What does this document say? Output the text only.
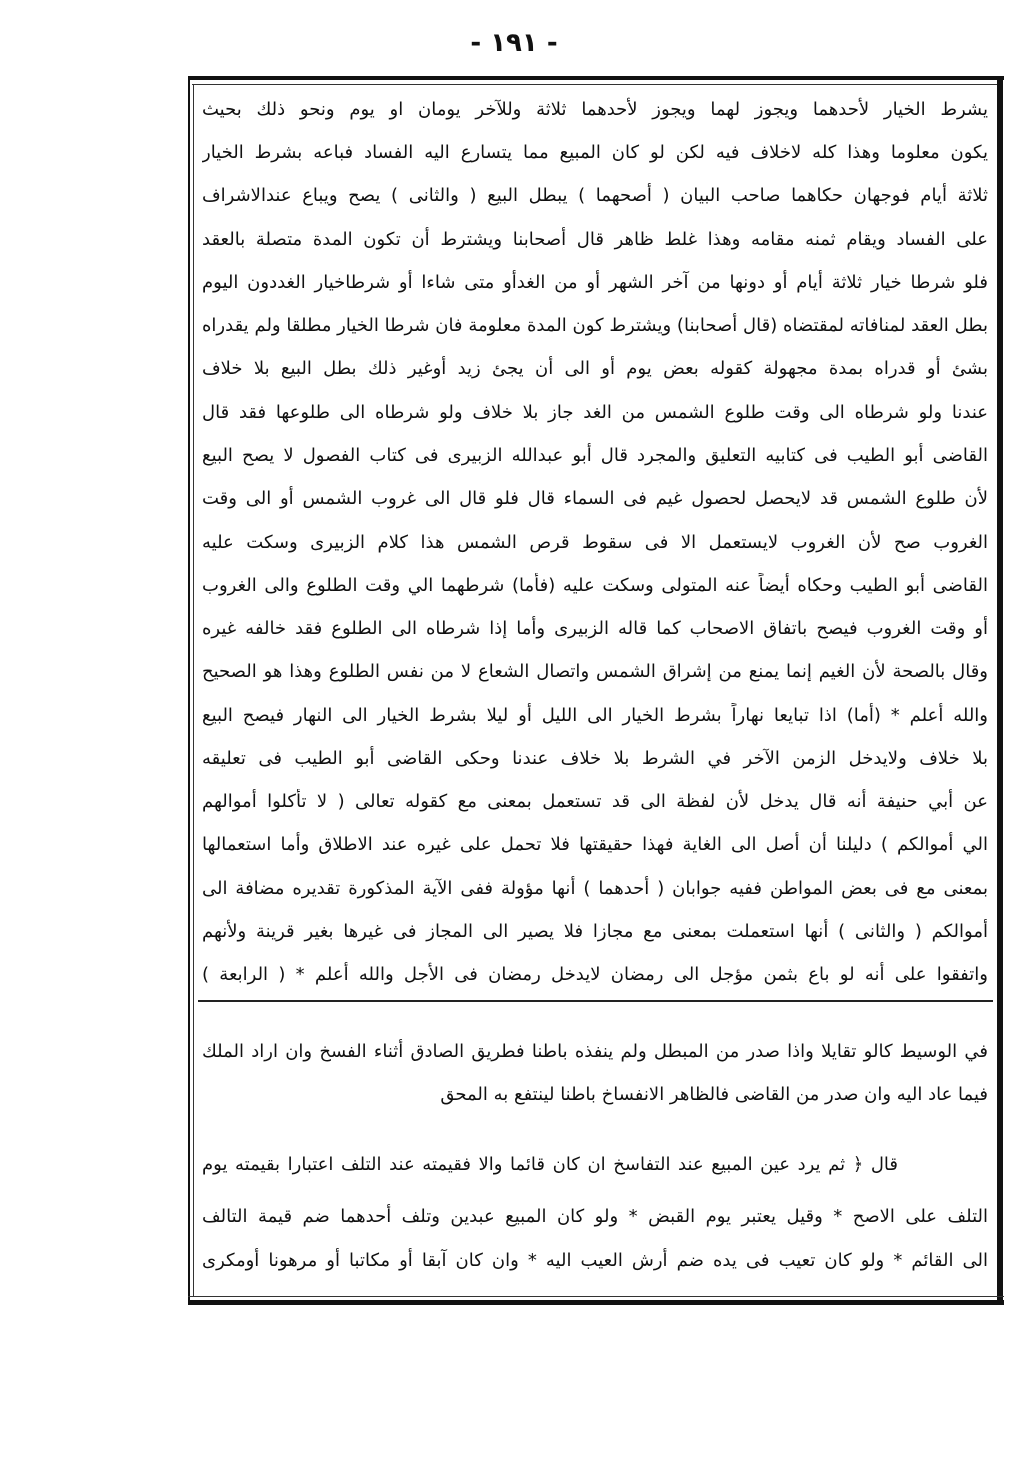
- ١٩١ -
يشرط الخيار لأحدهما ويجوز لهما ويجوز لأحدهما ثلاثة وللآخر يومان او يوم ونحو ذلك بحيث
يكون معلوما وهذا كله لاخلاف فيه لكن لو كان المبيع مما يتسارع اليه الفساد فباعه بشرط الخيار
ثلاثة أيام فوجهان حكاهما صاحب البيان ( أصحهما ) يبطل البيع ( والثانى ) يصح ويباع عندالاشراف
على الفساد ويقام ثمنه مقامه وهذا غلط ظاهر قال أصحابنا ويشترط أن تكون المدة متصلة بالعقد
فلو شرطا خيار ثلاثة أيام أو دونها من آخر الشهر أو من الغدأو متى شاءا أو شرطاخيار الغددون اليوم
بطل العقد لمنافاته لمقتضاه (قال أصحابنا) ويشترط كون المدة معلومة فان شرطا الخيار مطلقا ولم يقدراه
بشئ أو قدراه بمدة مجهولة كقوله بعض يوم أو الى أن يجئ زيد أوغير ذلك بطل البيع بلا خلاف
عندنا ولو شرطاه الى وقت طلوع الشمس من الغد جاز بلا خلاف ولو شرطاه الى طلوعها فقد قال
القاضى أبو الطيب فى كتابيه التعليق والمجرد قال أبو عبدالله الزبيرى فى كتاب الفصول لا يصح البيع
لأن طلوع الشمس قد لايحصل لحصول غيم فى السماء قال فلو قال الى غروب الشمس أو الى وقت
الغروب صح لأن الغروب لايستعمل الا فى سقوط قرص الشمس هذا كلام الزبيرى وسكت عليه
القاضى أبو الطيب وحكاه أيضاً عنه المتولى وسكت عليه (فأما) شرطهما الي وقت الطلوع والى الغروب
أو وقت الغروب فيصح باتفاق الاصحاب كما قاله الزبيرى وأما إذا شرطاه الى الطلوع فقد خالفه غيره
وقال بالصحة لأن الغيم إنما يمنع من إشراق الشمس واتصال الشعاع لا من نفس الطلوع وهذا هو الصحيح
والله أعلم * (أما) اذا تبايعا نهاراً بشرط الخيار الى الليل أو ليلا بشرط الخيار الى النهار فيصح البيع
بلا خلاف ولايدخل الزمن الآخر في الشرط بلا خلاف عندنا وحكى القاضى أبو الطيب فى تعليقه
عن أبي حنيفة أنه قال يدخل لأن لفظة الى قد تستعمل بمعنى مع كقوله تعالى ( لا تأكلوا أموالهم
الي أموالكم ) دليلنا أن أصل الى الغاية فهذا حقيقتها فلا تحمل على غيره عند الاطلاق وأما استعمالها
بمعنى مع فى بعض المواطن ففيه جوابان ( أحدهما ) أنها مؤولة ففى الآية المذكورة تقديره مضافة الى
أموالكم ( والثانى ) أنها استعملت بمعنى مع مجازا فلا يصير الى المجاز فى غيرها بغير قرينة ولأنهم
واتفقوا على أنه لو باع بثمن مؤجل الى رمضان لايدخل رمضان فى الأجل والله أعلم * ( الرابعة )
في الوسيط كالو تقايلا واذا صدر من المبطل ولم ينفذه باطنا فطريق الصادق أثناء الفسخ وان اراد الملك
فيما عاد اليه وان صدر من القاضى فالظاهر الانفساخ باطنا لينتفع به المحق
قال ﴿ ثم يرد عين المبيع عند التفاسخ ان كان قائما والا فقيمته عند التلف اعتبارا بقيمته يوم
التلف على الاصح * وقيل يعتبر يوم القبض * ولو كان المبيع عبدين وتلف أحدهما ضم قيمة التالف
الى القائم * ولو كان تعيب فى يده ضم أرش العيب اليه * وان كان آبقا أو مكاتبا أو مرهونا أومكرى
